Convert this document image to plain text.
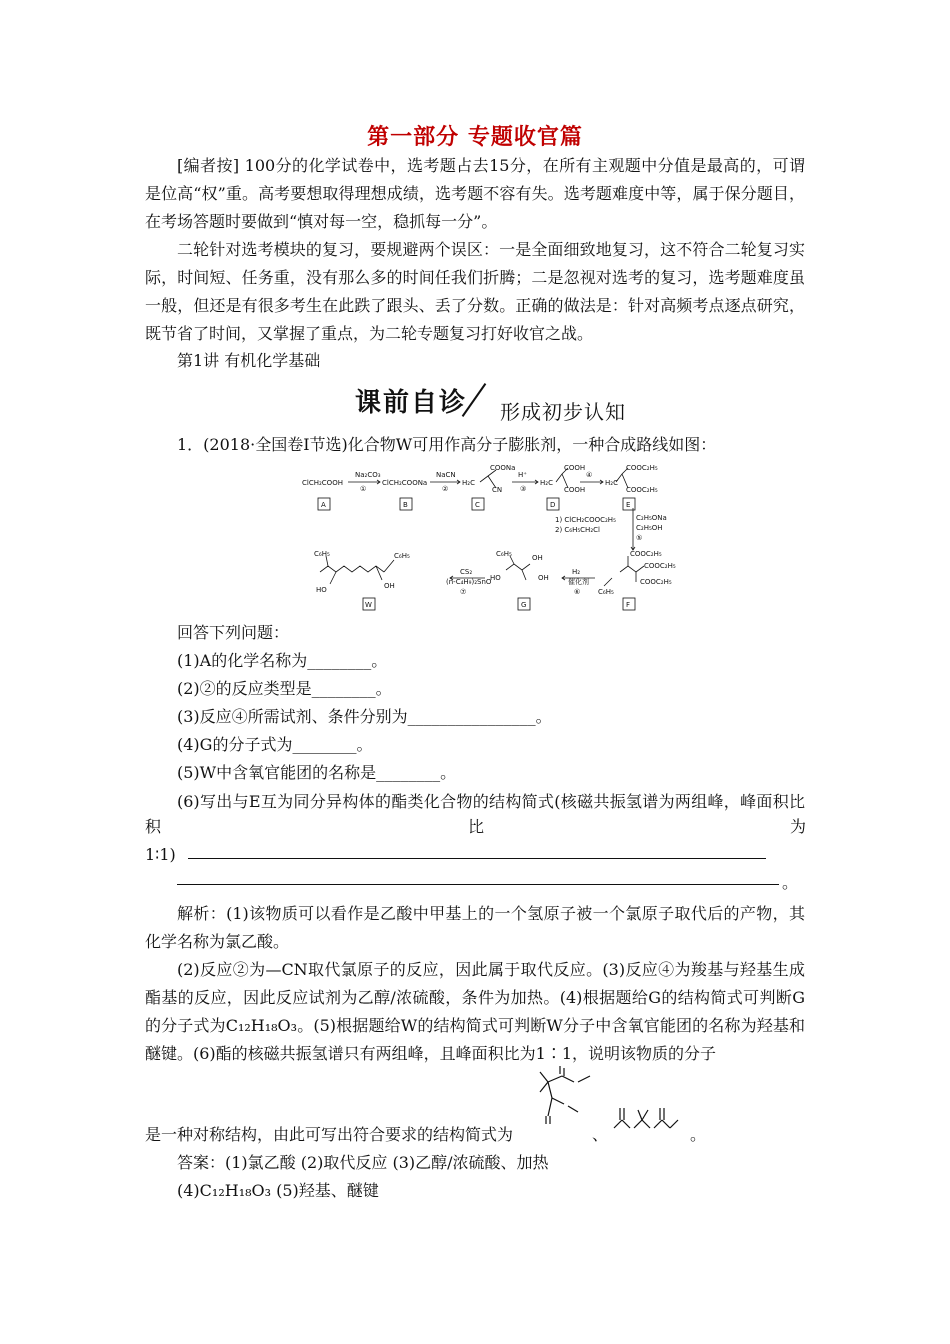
第一部分 专题收官篇
[编者按] 100分的化学试卷中，选考题占去15分，在所有主观题中分值是最高的，可谓是位高“权”重。高考要想取得理想成绩，选考题不容有失。选考题难度中等，属于保分题目，在考场答题时要做到“慎对每一空，稳抓每一分”。
二轮针对选考模块的复习，要规避两个误区：一是全面细致地复习，这不符合二轮复习实际，时间短、任务重，没有那么多的时间任我们折腾；二是忽视对选考的复习，选考题难度虽一般，但还是有很多考生在此跌了跟头、丢了分数。正确的做法是：针对高频考点逐点研究，既节省了时间，又掌握了重点，为二轮专题复习打好收官之战。
第1讲 有机化学基础
课前自诊 形成初步认知
1．(2018·全国卷Ⅰ节选)化合物W可用作高分子膨胀剂，一种合成路线如图：
ClCH₂COOH	ClCH₂COONa	H₂C
COONa
CN
H₂C
COOH
COOH
H₂C
COOC₂H₅
COOC₂H₅
COOC₂H₅
COOC₂H₅
COOC₂H₅
C₆H₅
C₆H₅	OH
OH
HO
C₆H₅	C₆H₅
HO	OH
Na₂CO₃
①
NaCN
②
H⁺
③
④
1) ClCH₂COOC₂H₅
2) C₆H₅CH₂Cl
C₂H₅ONa
C₂H₅OH
⑤
H₂
催化剂
⑥
CS₂
(n-C₄H₉)₂SnO
⑦
A	B	C	D	E
F
G
W
回答下列问题：
(1)A的化学名称为________。
(2)②的反应类型是________。
(3)反应④所需试剂、条件分别为________________。
(4)G的分子式为________。
(5)W中含氧官能团的名称是________。
(6)写出与E互为同分异构体的酯类化合物的结构简式(核磁共振氢谱为两组峰，峰面积比
积	比	为
1∶1)
。
解析：(1)该物质可以看作是乙酸中甲基上的一个氢原子被一个氯原子取代后的产物，其化学名称为氯乙酸。
(2)反应②为—CN取代氯原子的反应，因此属于取代反应。(3)反应④为羧基与羟基生成酯基的反应，因此反应试剂为乙醇/浓硫酸，条件为加热。(4)根据题给G的结构简式可判断G的分子式为C₁₂H₁₈O₃。(5)根据题给W的结构简式可判断W分子中含氧官能团的名称为羟基和醚键。(6)酯的核磁共振氢谱只有两组峰，且峰面积比为1∶1，说明该物质的分子
是一种对称结构，由此可写出符合要求的结构简式为	、	。
答案：(1)氯乙酸 (2)取代反应 (3)乙醇/浓硫酸、加热
(4)C₁₂H₁₈O₃ (5)羟基、醚键
